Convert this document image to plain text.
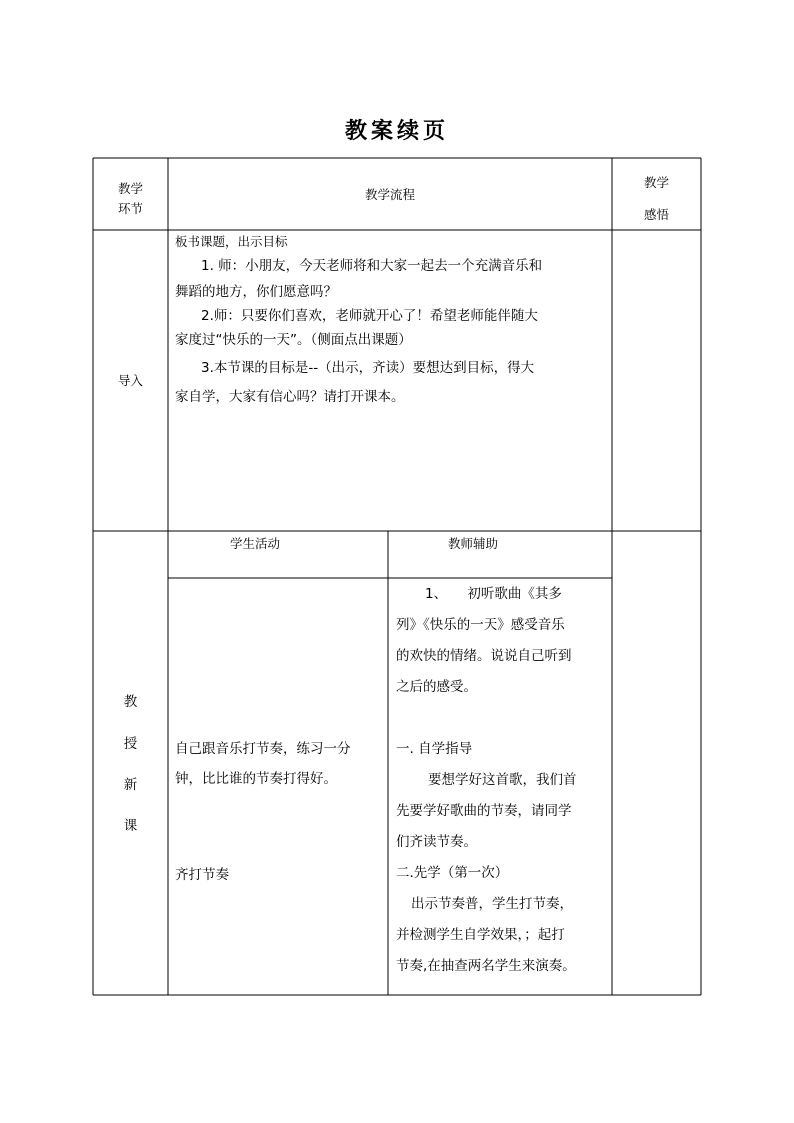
教案续页
教学
环节
教学流程
教学
感悟
导入
板书课题，出示目标
1. 师：小朋友，今天老师将和大家一起去一个充满音乐和
舞蹈的地方，你们愿意吗？
2.师：只要你们喜欢，老师就开心了！希望老师能伴随大
家度过“快乐的一天”。（侧面点出课题）
3.本节课的目标是--（出示，齐读）要想达到目标，得大
家自学，大家有信心吗？请打开课本。
教
授
新
课
学生活动	教师辅助
自己跟音乐打节奏，练习一分
钟，比比谁的节奏打得好。
齐打节奏
1、　　初听歌曲《其多
列》《快乐的一天》感受音乐
的欢快的情绪。说说自己听到
之后的感受。
一. 自学指导
要想学好这首歌，我们首
先要学好歌曲的节奏，请同学
们齐读节奏。
二.先学（第一次）
出示节奏普，学生打节奏，
并检测学生自学效果，；起打
节奏,在抽查两名学生来演奏。
